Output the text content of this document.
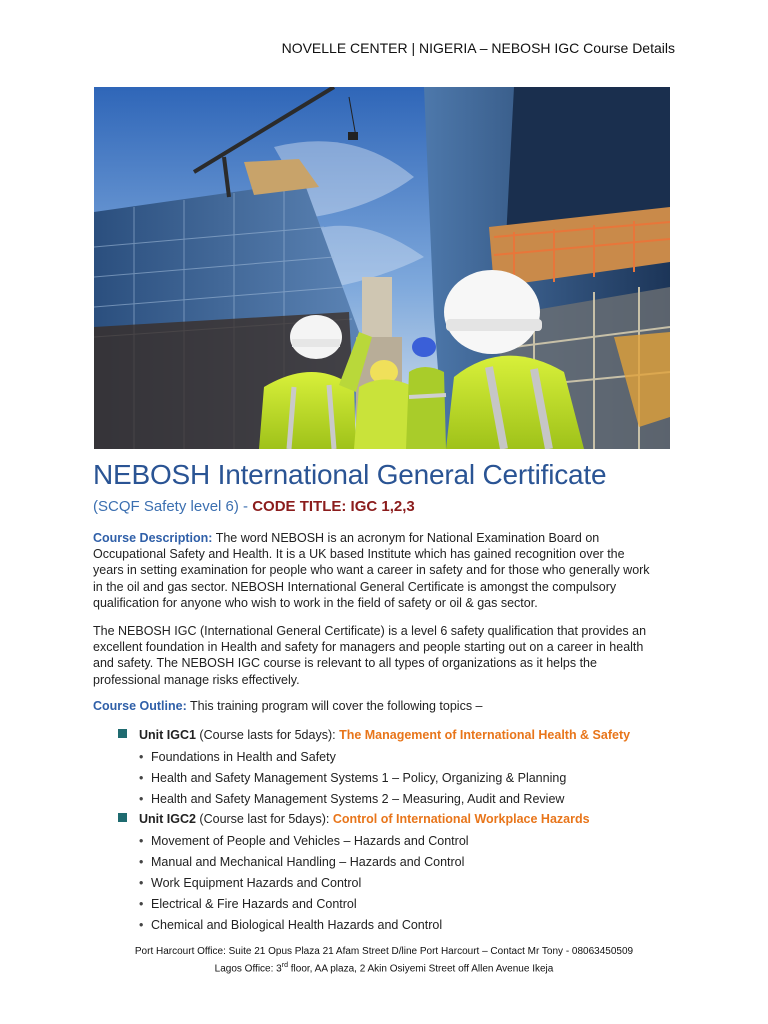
NOVELLE CENTER | NIGERIA – NEBOSH IGC Course Details
NEBOSH International General Certificate
(SCQF Safety level 6) - CODE TITLE: IGC 1,2,3
Course Description: The word NEBOSH is an acronym for National Examination Board on
Occupational Safety and Health. It is a UK based Institute which has gained recognition over the
years in setting examination for people who want a career in safety and for those who generally work
in the oil and gas sector. NEBOSH International General Certificate is amongst the compulsory
qualification for anyone who wish to work in the field of safety or oil & gas sector.
The NEBOSH IGC (International General Certificate) is a level 6 safety qualification that provides an
excellent foundation in Health and safety for managers and people starting out on a career in health
and safety. The NEBOSH IGC course is relevant to all types of organizations as it helps the
professional manage risks effectively.
Course Outline: This training program will cover the following topics –
Unit IGC1 (Course lasts for 5days): The Management of International Health & Safety
• Foundations in Health and Safety
• Health and Safety Management Systems 1 – Policy, Organizing & Planning
• Health and Safety Management Systems 2 – Measuring, Audit and Review
Unit IGC2 (Course last for 5days): Control of International Workplace Hazards
• Movement of People and Vehicles – Hazards and Control
• Manual and Mechanical Handling – Hazards and Control
• Work Equipment Hazards and Control
• Electrical & Fire Hazards and Control
• Chemical and Biological Health Hazards and Control
Port Harcourt Office: Suite 21 Opus Plaza 21 Afam Street D/line Port Harcourt – Contact Mr Tony - 08063450509
Lagos Office: 3rd floor, AA plaza, 2 Akin Osiyemi Street off Allen Avenue Ikeja
